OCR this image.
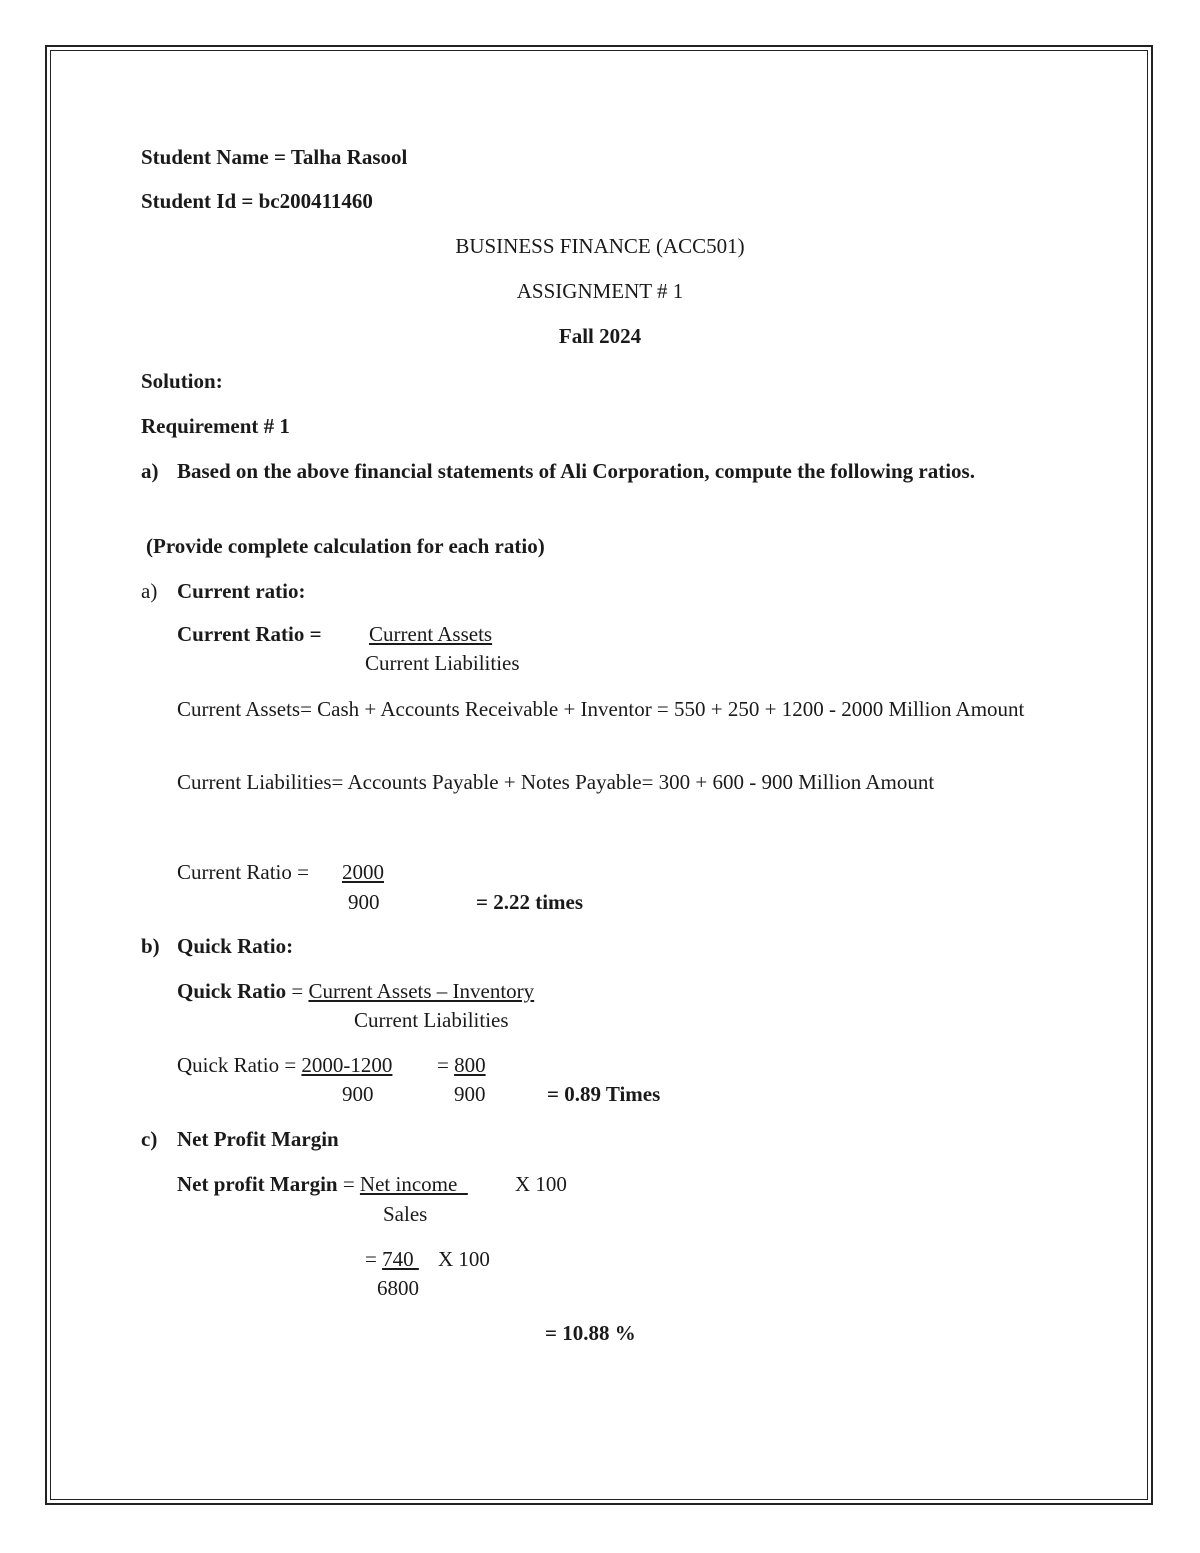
Student Name = Talha Rasool
Student Id = bc200411460
BUSINESS FINANCE (ACC501)
ASSIGNMENT # 1
Fall 2024
Solution:
Requirement # 1
a) Based on the above financial statements of Ali Corporation, compute the following ratios.
(Provide complete calculation for each ratio)
a) Current ratio:
Current Ratio = Current Assets
Current Liabilities
Current Assets= Cash + Accounts Receivable + Inventor = 550 + 250 + 1200 - 2000 Million Amount
Current Liabilities= Accounts Payable + Notes Payable= 300 + 600 - 900 Million Amount
Current Ratio = 2000
900	= 2.22 times
b) Quick Ratio:
Quick Ratio = Current Assets – Inventory
Current Liabilities
Quick Ratio = 2000-1200 = 800
900	900	= 0.89 Times
c) Net Profit Margin
Net profit Margin = Net income X 100
Sales
= 740 X 100
6800
= 10.88 %
